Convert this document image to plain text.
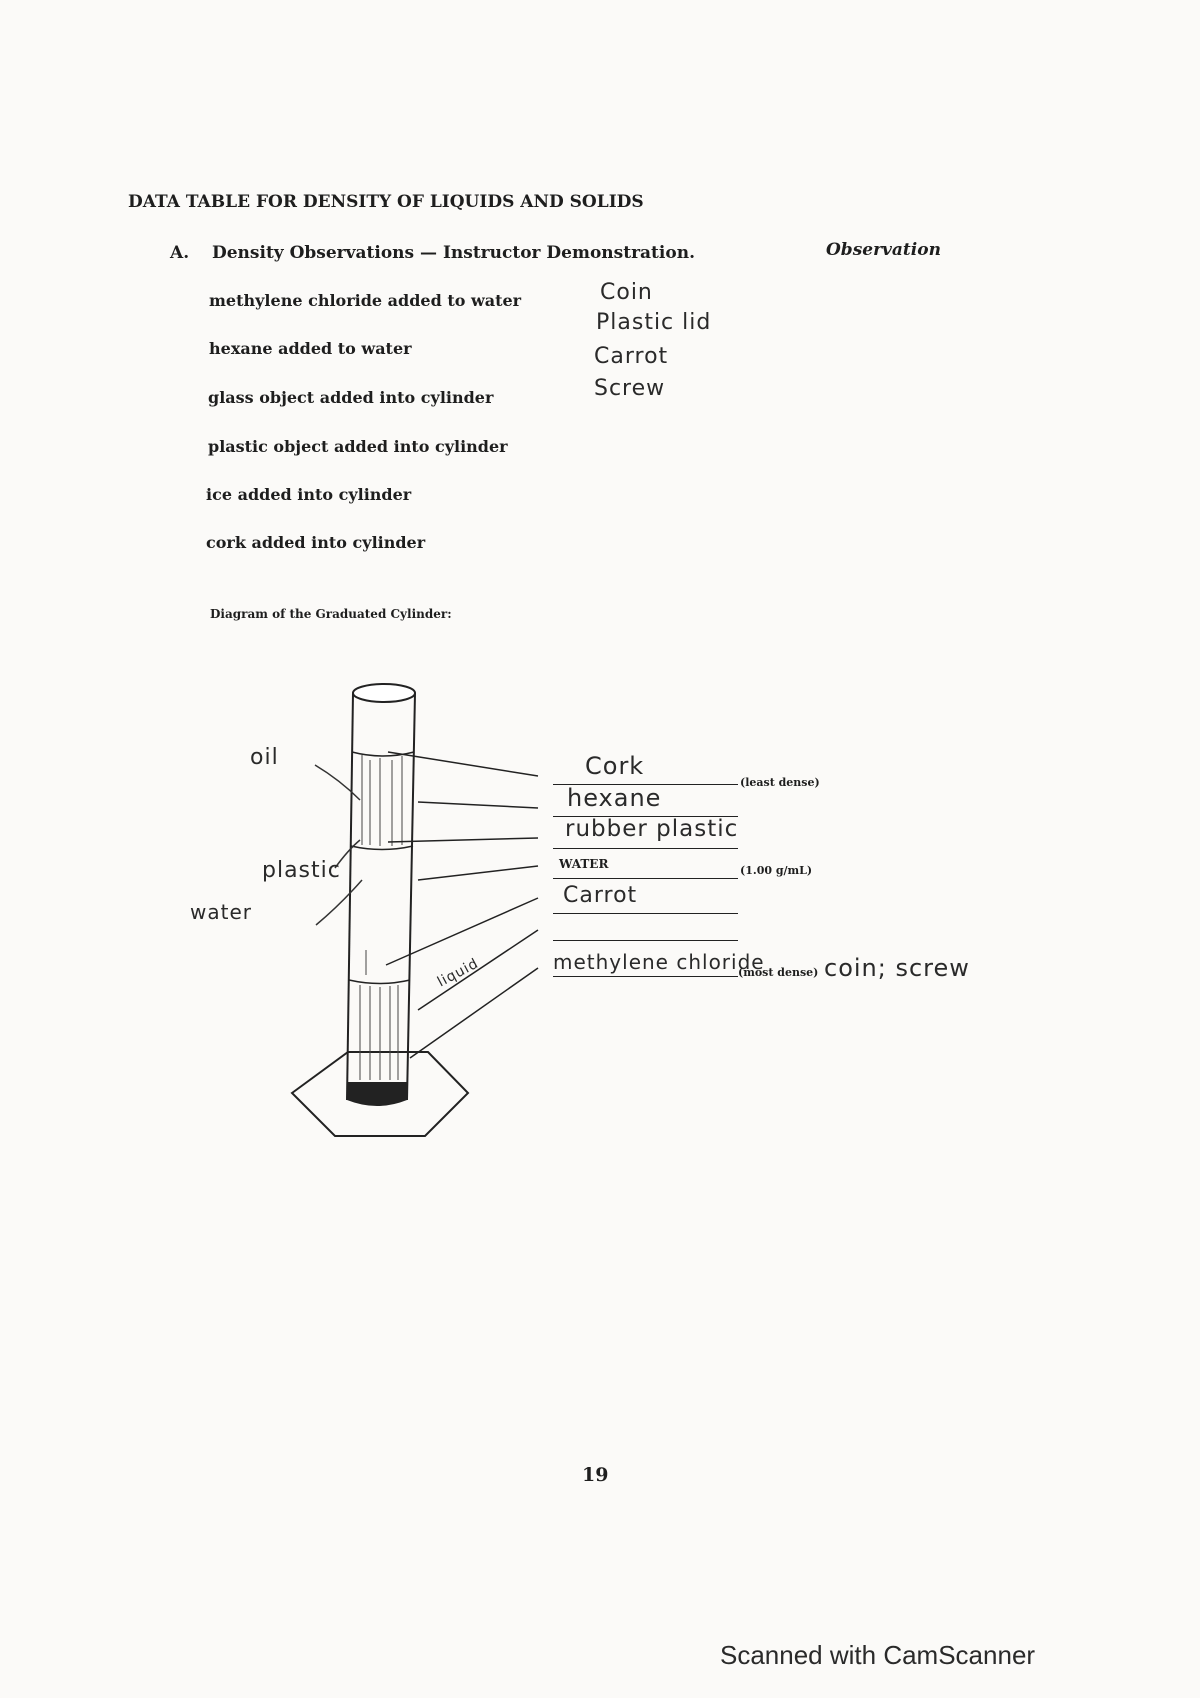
DATA TABLE FOR DENSITY OF LIQUIDS AND SOLIDS
A. Density Observations — Instructor Demonstration.	Observation
methylene chloride added to water
hexane added to water
glass object added into cylinder
plastic object added into cylinder
ice added into cylinder
cork added into cylinder
Coin
Plastic lid
Carrot
Screw
Diagram of the Graduated Cylinder:
oil
plastic
water
liquid
Cork
(least dense)
hexane
rubber plastic
WATER	(1.00 g/mL)
Carrot
methylene chloride
(most dense) coin; screw
19
Scanned with CamScanner
